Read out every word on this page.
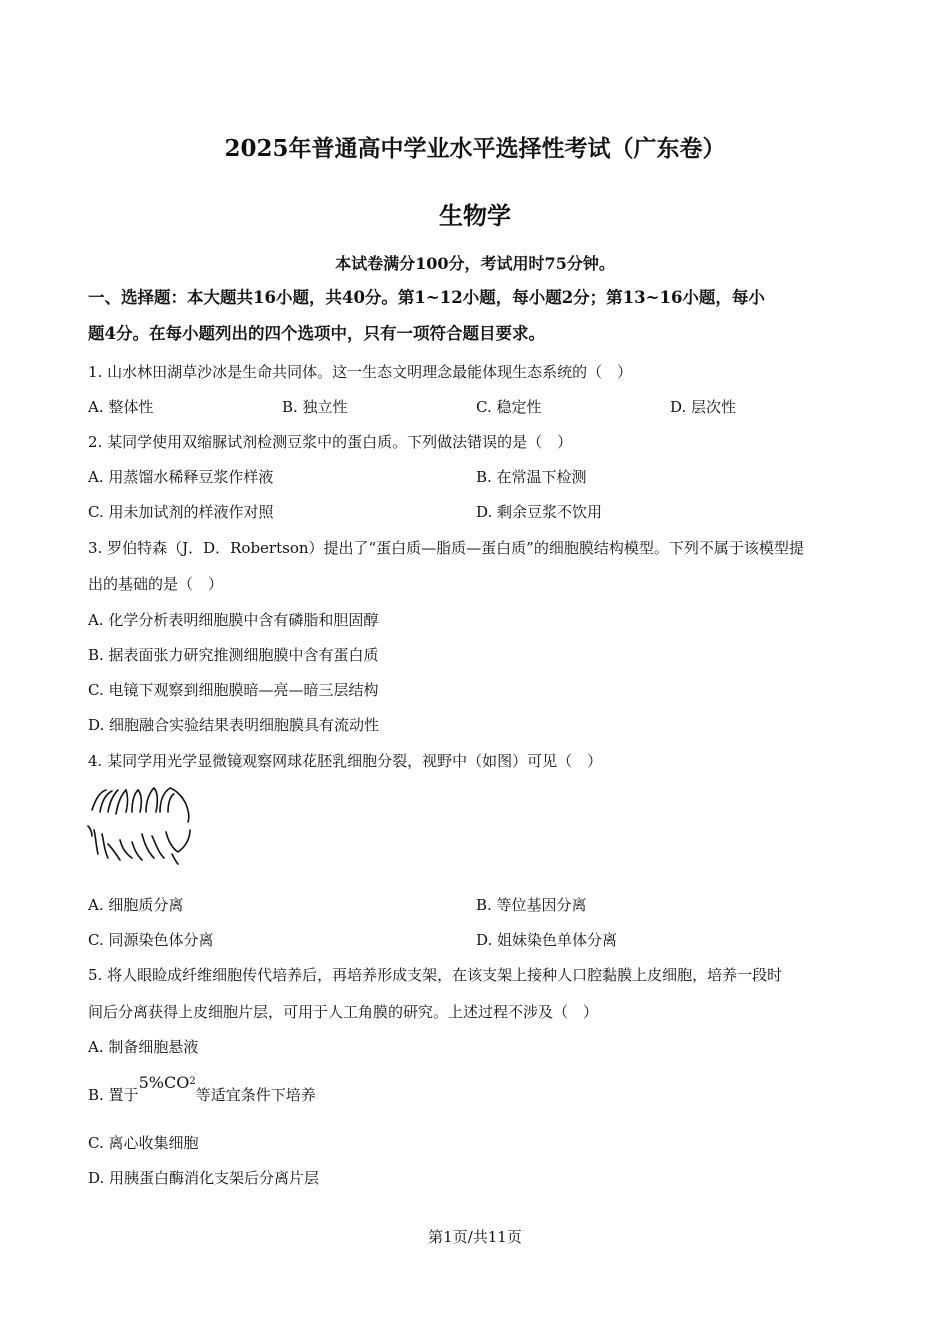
2025年普通高中学业水平选择性考试（广东卷）
生物学
本试卷满分100分，考试用时75分钟。
一、选择题：本大题共16小题，共40分。第1~12小题，每小题2分；第13~16小题，每小
题4分。在每小题列出的四个选项中，只有一项符合题目要求。
1. 山水林田湖草沙冰是生命共同体。这一生态文明理念最能体现生态系统的（　）
A. 整体性	B. 独立性	C. 稳定性	D. 层次性
2. 某同学使用双缩脲试剂检测豆浆中的蛋白质。下列做法错误的是（　）
A. 用蒸馏水稀释豆浆作样液	B. 在常温下检测
C. 用未加试剂的样液作对照	D. 剩余豆浆不饮用
3. 罗伯特森（J．D．Robertson）提出了“蛋白质—脂质—蛋白质”的细胞膜结构模型。下列不属于该模型提
出的基础的是（　）
A. 化学分析表明细胞膜中含有磷脂和胆固醇
B. 据表面张力研究推测细胞膜中含有蛋白质
C. 电镜下观察到细胞膜暗—亮—暗三层结构
D. 细胞融合实验结果表明细胞膜具有流动性
4. 某同学用光学显微镜观察网球花胚乳细胞分裂，视野中（如图）可见（　）
A. 细胞质分离	B. 等位基因分离
C. 同源染色体分离	D. 姐妹染色单体分离
5. 将人眼睑成纤维细胞传代培养后，再培养形成支架，在该支架上接种人口腔黏膜上皮细胞，培养一段时
间后分离获得上皮细胞片层，可用于人工角膜的研究。上述过程不涉及（　）
A. 制备细胞悬液
B. 置于$5\%CO^2$等适宜条件下培养
C. 离心收集细胞
D. 用胰蛋白酶消化支架后分离片层
第1页/共11页
